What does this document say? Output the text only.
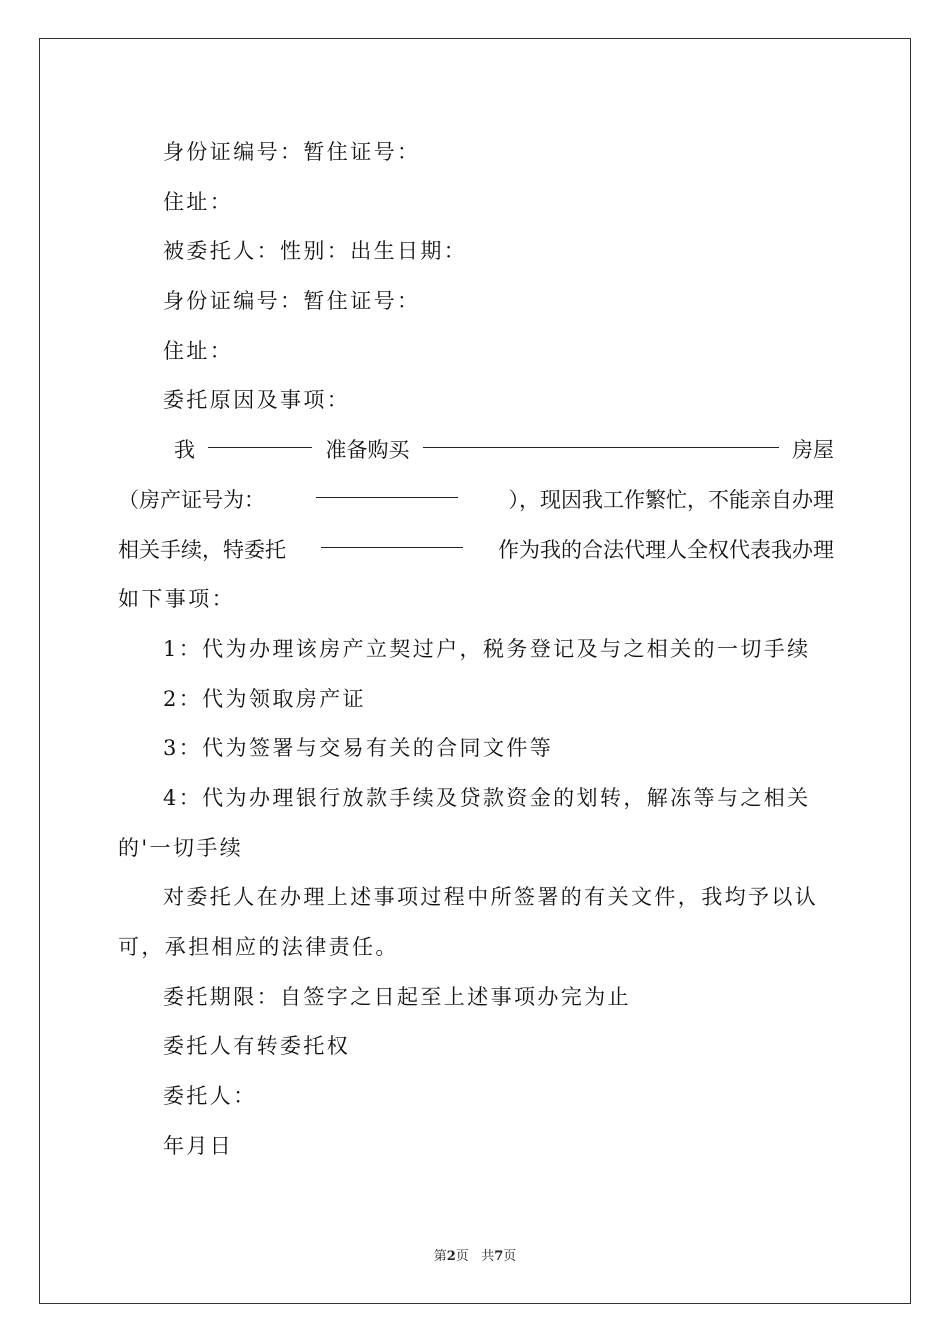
身份证编号：暂住证号：
住址：
被委托人：性别：出生日期：
身份证编号：暂住证号：
住址：
委托原因及事项：
我	准备购买	房屋
（房产证号为：	），现因我工作繁忙，不能亲自办理
相关手续，特委托	作为我的合法代理人全权代表我办理
如下事项：
1：代为办理该房产立契过户，税务登记及与之相关的一切手续
2：代为领取房产证
3：代为签署与交易有关的合同文件等
4：代为办理银行放款手续及贷款资金的划转，解冻等与之相关
的'一切手续
对委托人在办理上述事项过程中所签署的有关文件，我均予以认
可，承担相应的法律责任。
委托期限：自签字之日起至上述事项办完为止
委托人有转委托权
委托人：
年月日
第2页 共7页
